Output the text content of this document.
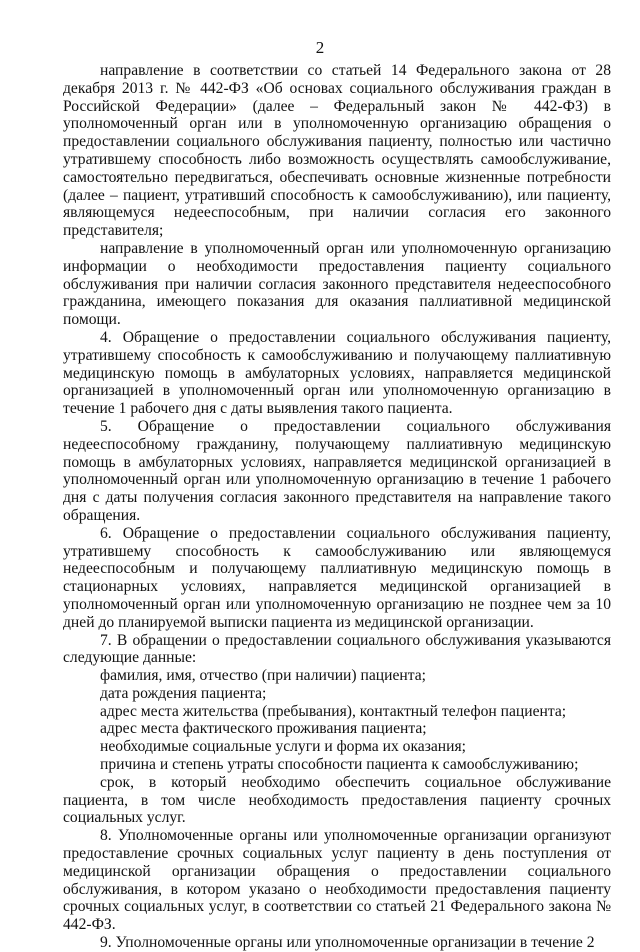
2

направление в соответствии со статьей 14 Федерального закона от 28 декабря 2013 г. № 442-ФЗ «Об основах социального обслуживания граждан в Российской Федерации» (далее – Федеральный закон № 442-ФЗ) в уполномоченный орган или в уполномоченную организацию обращения о предоставлении социального обслуживания пациенту, полностью или частично утратившему способность либо возможность осуществлять самообслуживание, самостоятельно передвигаться, обеспечивать основные жизненные потребности (далее – пациент, утративший способность к самообслуживанию), или пациенту, являющемуся недееспособным, при наличии согласия его законного представителя;

направление в уполномоченный орган или уполномоченную организацию информации о необходимости предоставления пациенту социального обслуживания при наличии согласия законного представителя недееспособного гражданина, имеющего показания для оказания паллиативной медицинской помощи.

4. Обращение о предоставлении социального обслуживания пациенту, утратившему способность к самообслуживанию и получающему паллиативную медицинскую помощь в амбулаторных условиях, направляется медицинской организацией в уполномоченный орган или уполномоченную организацию в течение 1 рабочего дня с даты выявления такого пациента.

5. Обращение о предоставлении социального обслуживания недееспособному гражданину, получающему паллиативную медицинскую помощь в амбулаторных условиях, направляется медицинской организацией в уполномоченный орган или уполномоченную организацию в течение 1 рабочего дня с даты получения согласия законного представителя на направление такого обращения.

6. Обращение о предоставлении социального обслуживания пациенту, утратившему способность к самообслуживанию или являющемуся недееспособным и получающему паллиативную медицинскую помощь в стационарных условиях, направляется медицинской организацией в уполномоченный орган или уполномоченную организацию не позднее чем за 10 дней до планируемой выписки пациента из медицинской организации.

7. В обращении о предоставлении социального обслуживания указываются следующие данные:

фамилия, имя, отчество (при наличии) пациента;

дата рождения пациента;

адрес места жительства (пребывания), контактный телефон пациента;

адрес места фактического проживания пациента;

необходимые социальные услуги и форма их оказания;

причина и степень утраты способности пациента к самообслуживанию;

срок, в который необходимо обеспечить социальное обслуживание пациента, в том числе необходимость предоставления пациенту срочных социальных услуг.

8. Уполномоченные органы или уполномоченные организации организуют предоставление срочных социальных услуг пациенту в день поступления от медицинской организации обращения о предоставлении социального обслуживания, в котором указано о необходимости предоставления пациенту срочных социальных услуг, в соответствии со статьей 21 Федерального закона № 442-ФЗ.

9. Уполномоченные органы или уполномоченные организации в течение 2
